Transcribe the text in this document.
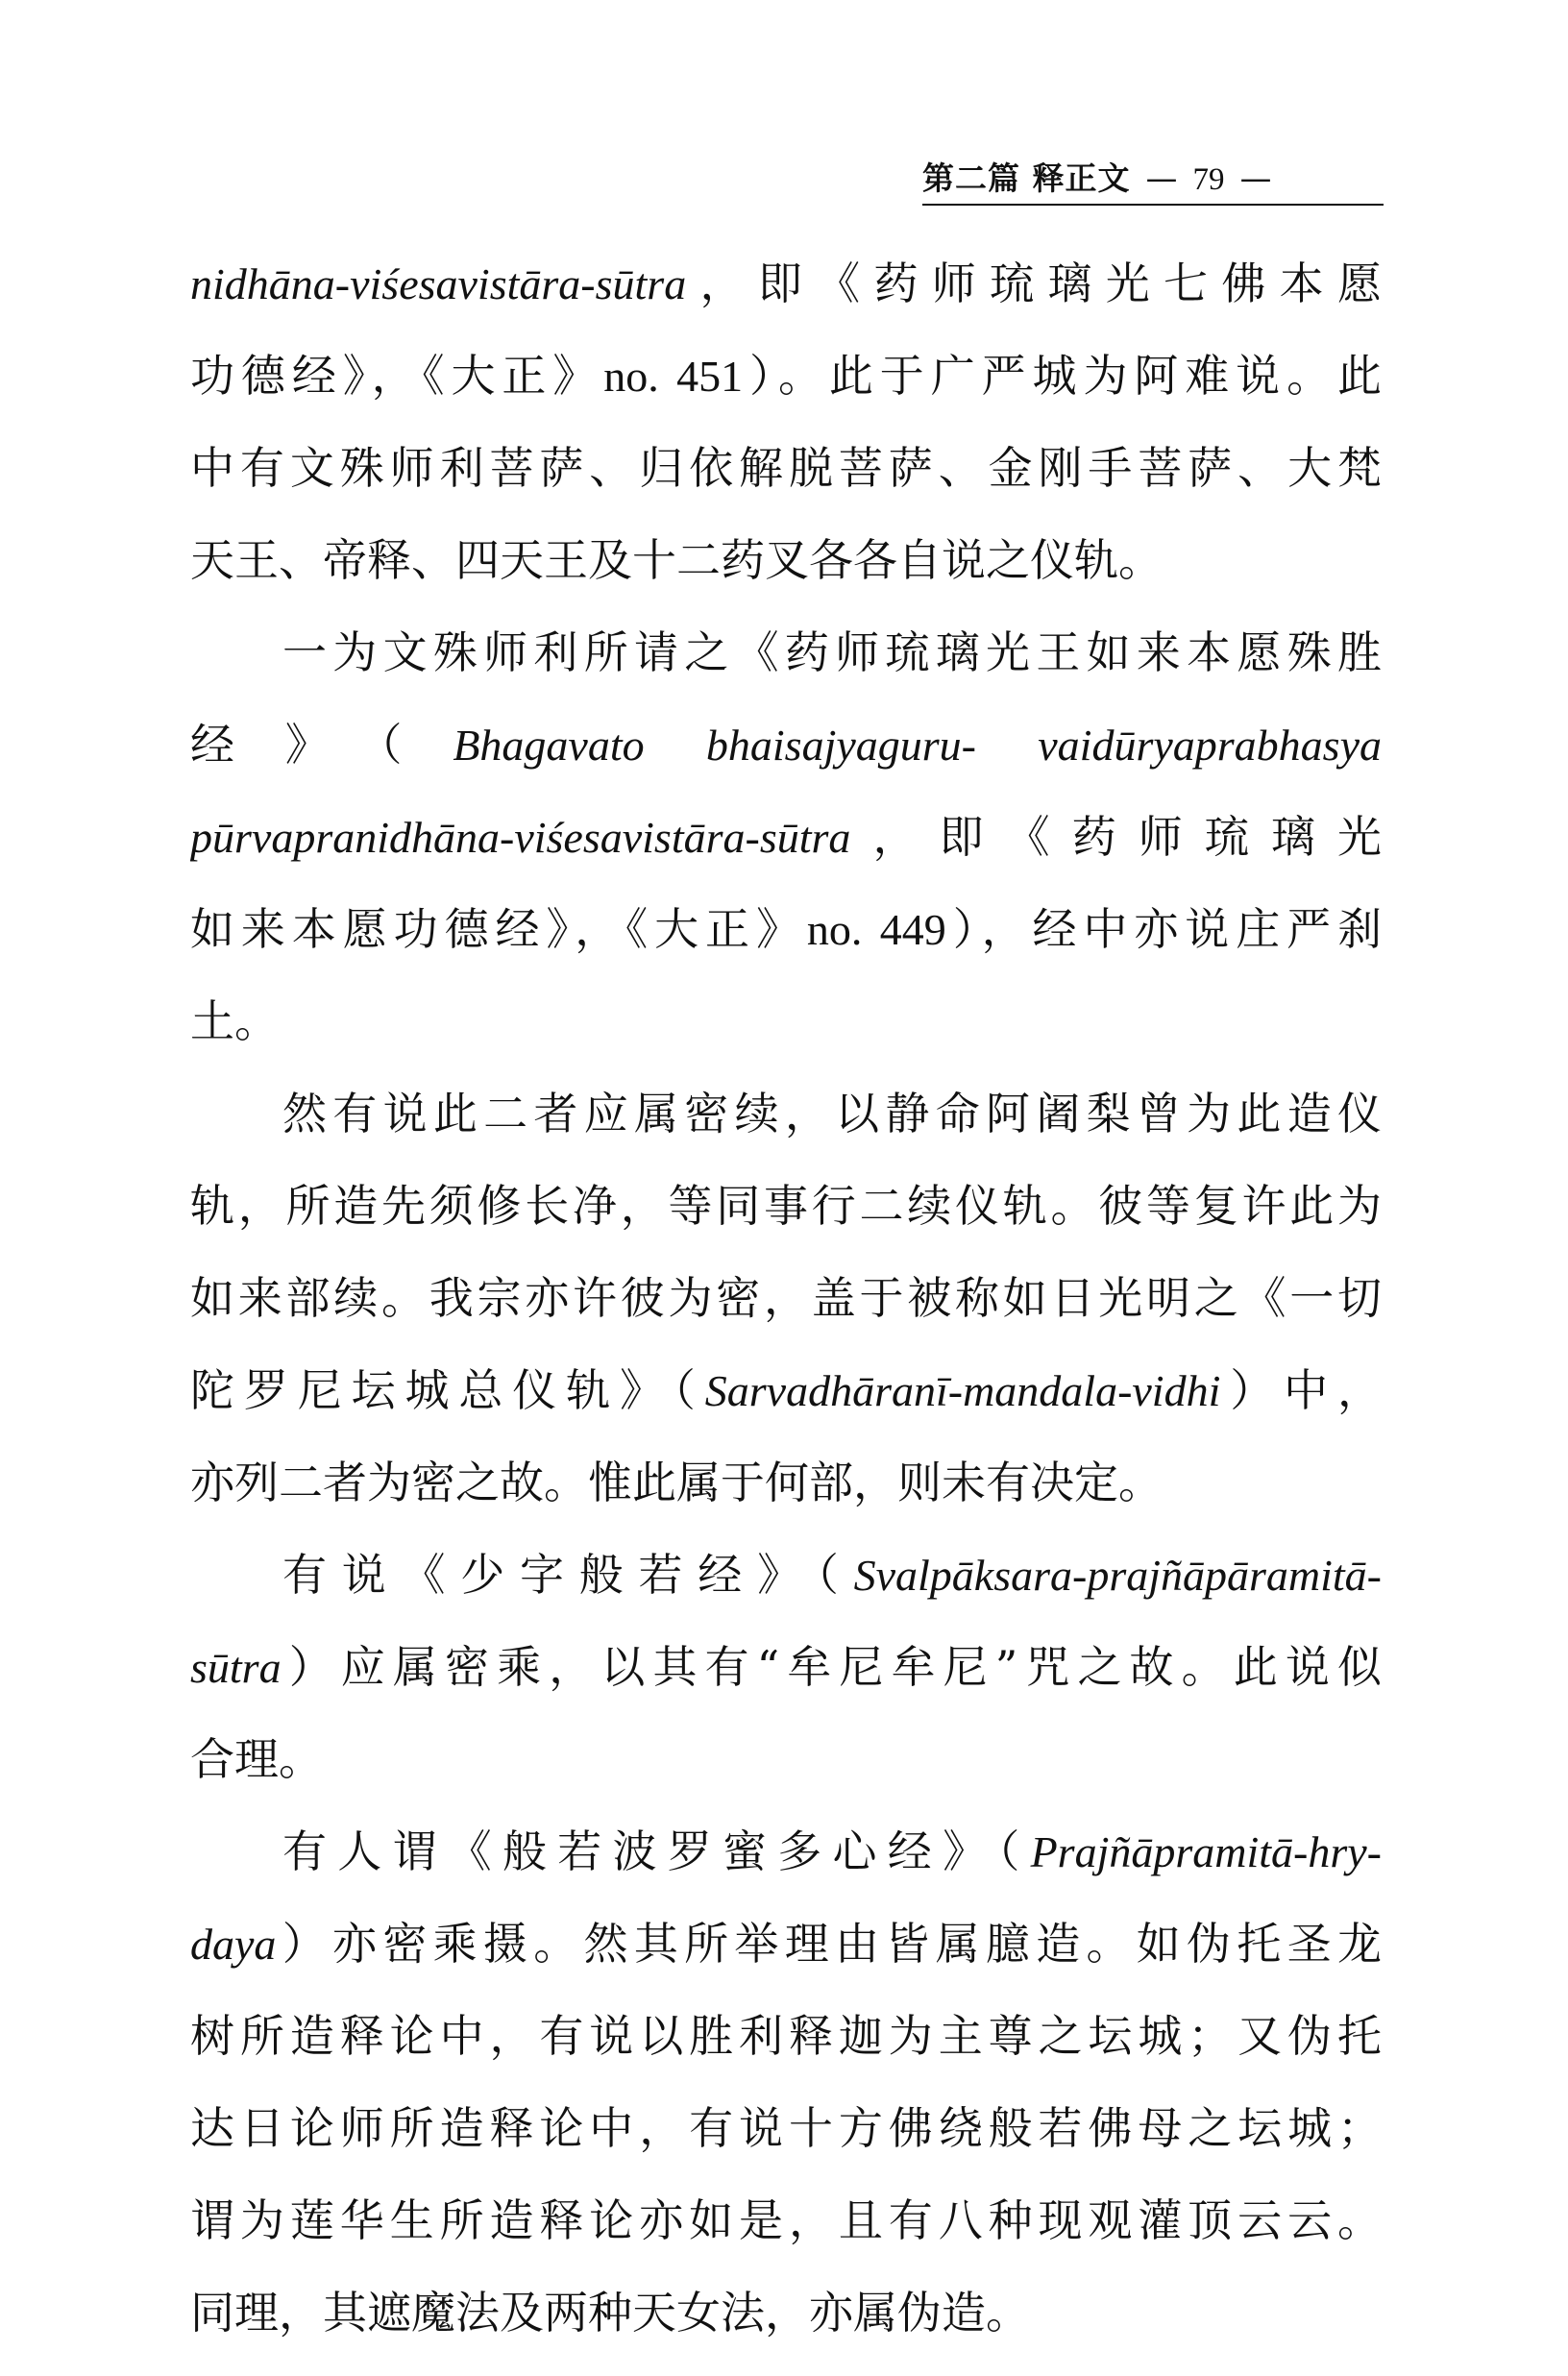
第二篇 释正文 — 79 —
nidhāna-viśesavistāra-sūtra，即《药师琉璃光七佛本愿
功德经》，《大正》no. 451）。此于广严城为阿难说。此
中有文殊师利菩萨、归依解脱菩萨、金刚手菩萨、大梵
天王、帝释、四天王及十二药叉各各自说之仪轨。
一为文殊师利所请之《药师琉璃光王如来本愿殊胜
经》（Bhagavato bhaisajyaguru- vaidūryaprabhasya
pūrvapranidhāna-viśesavistāra-sūtra，即《药师琉璃光
如来本愿功德经》，《大正》no. 449），经中亦说庄严刹
土。
然有说此二者应属密续，以静命阿阇梨曾为此造仪
轨，所造先须修长净，等同事行二续仪轨。彼等复许此为
如来部续。我宗亦许彼为密，盖于被称如日光明之《一切
陀罗尼坛城总仪轨》（Sarvadhāranī-mandala-vidhi）中，
亦列二者为密之故。惟此属于何部，则未有决定。
有说《少字般若经》（Svalpāksara-prajñāpāramitā-
sūtra）应属密乘，以其有“牟尼牟尼”咒之故。此说似
合理。
有人谓《般若波罗蜜多心经》（Prajñāpramitā-hry-
daya）亦密乘摄。然其所举理由皆属臆造。如伪托圣龙
树所造释论中，有说以胜利释迦为主尊之坛城；又伪托
达日论师所造释论中，有说十方佛绕般若佛母之坛城；
谓为莲华生所造释论亦如是，且有八种现观灌顶云云。
同理，其遮魔法及两种天女法，亦属伪造。
